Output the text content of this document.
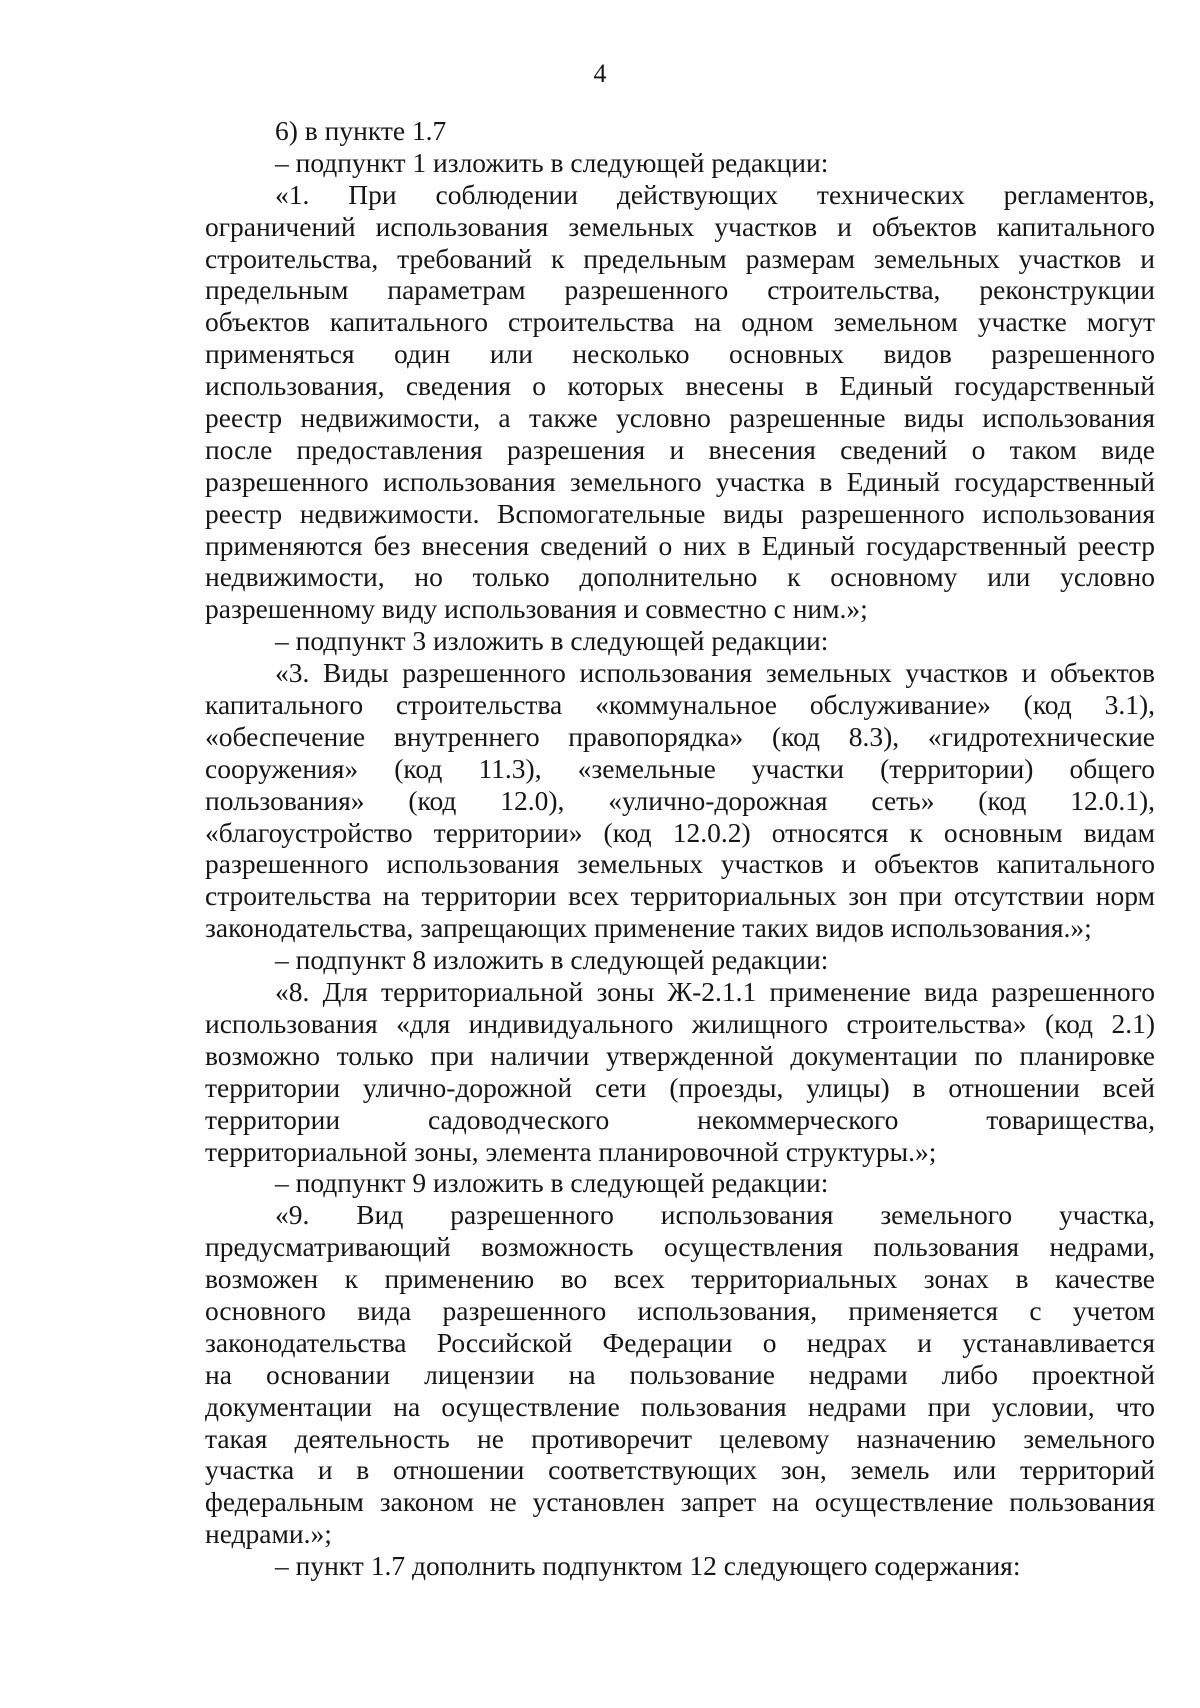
4
6) в пункте 1.7
– подпункт 1 изложить в следующей редакции:
«1. При соблюдении действующих технических регламентов,
ограничений использования земельных участков и объектов капитального
строительства, требований к предельным размерам земельных участков и
предельным параметрам разрешенного строительства, реконструкции
объектов капитального строительства на одном земельном участке могут
применяться один или несколько основных видов разрешенного
использования, сведения о которых внесены в Единый государственный
реестр недвижимости, а также условно разрешенные виды использования
после предоставления разрешения и внесения сведений о таком виде
разрешенного использования земельного участка в Единый государственный
реестр недвижимости. Вспомогательные виды разрешенного использования
применяются без внесения сведений о них в Единый государственный реестр
недвижимости, но только дополнительно к основному или условно
разрешенному виду использования и совместно с ним.»;
– подпункт 3 изложить в следующей редакции:
«3. Виды разрешенного использования земельных участков и объектов
капитального строительства «коммунальное обслуживание» (код 3.1),
«обеспечение внутреннего правопорядка» (код 8.3), «гидротехнические
сооружения» (код 11.3), «земельные участки (территории) общего
пользования» (код 12.0), «улично-дорожная сеть» (код 12.0.1),
«благоустройство территории» (код 12.0.2) относятся к основным видам
разрешенного использования земельных участков и объектов капитального
строительства на территории всех территориальных зон при отсутствии норм
законодательства, запрещающих применение таких видов использования.»;
– подпункт 8 изложить в следующей редакции:
«8. Для территориальной зоны Ж-2.1.1 применение вида разрешенного
использования «для индивидуального жилищного строительства» (код 2.1)
возможно только при наличии утвержденной документации по планировке
территории улично-дорожной сети (проезды, улицы) в отношении всей
территории садоводческого некоммерческого товарищества,
территориальной зоны, элемента планировочной структуры.»;
– подпункт 9 изложить в следующей редакции:
«9. Вид разрешенного использования земельного участка,
предусматривающий возможность осуществления пользования недрами,
возможен к применению во всех территориальных зонах в качестве
основного вида разрешенного использования, применяется с учетом
законодательства Российской Федерации о недрах и устанавливается
на основании лицензии на пользование недрами либо проектной
документации на осуществление пользования недрами при условии, что
такая деятельность не противоречит целевому назначению земельного
участка и в отношении соответствующих зон, земель или территорий
федеральным законом не установлен запрет на осуществление пользования
недрами.»;
– пункт 1.7 дополнить подпунктом 12 следующего содержания:
